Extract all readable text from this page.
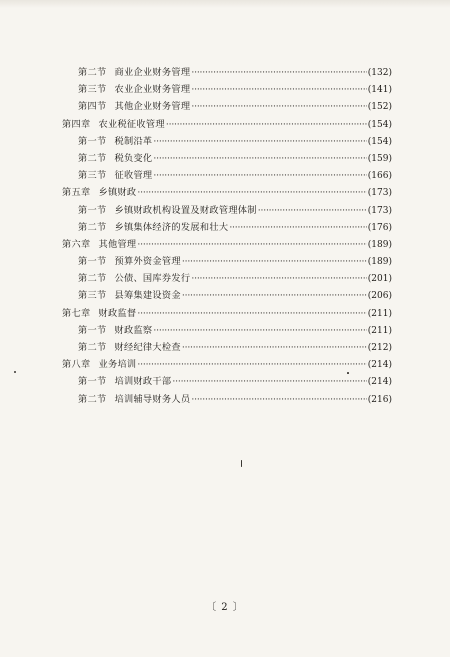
第二节 商业企业财务管理 ·····	(132)
第三节 农业企业财务管理 ·····	(141)
第四节 其他企业财务管理 ·····	(152)
第四章 农业税征收管理 ·····	(154)
第一节 税制沿革 ·····	(154)
第二节 税负变化 ·····	(159)
第三节 征收管理 ·····	(166)
第五章 乡镇财政 ·····	(173)
第一节 乡镇财政机构设置及财政管理体制 ·····	(173)
第二节 乡镇集体经济的发展和壮大 ·····	(176)
第六章 其他管理 ·····	(189)
第一节 预算外资金管理 ·····	(189)
第二节 公债、国库券发行 ·····	(201)
第三节 县筹集建设资金 ·····	(206)
第七章 财政监督 ·····	(211)
第一节 财政监察 ·····	(211)
第二节 财经纪律大检查 ·····	(212)
第八章 业务培训 ·····	(214)
第一节 培训财政干部 ·····	(214)
第二节 培训辅导财务人员 ·····	(216)
〔 2 〕
